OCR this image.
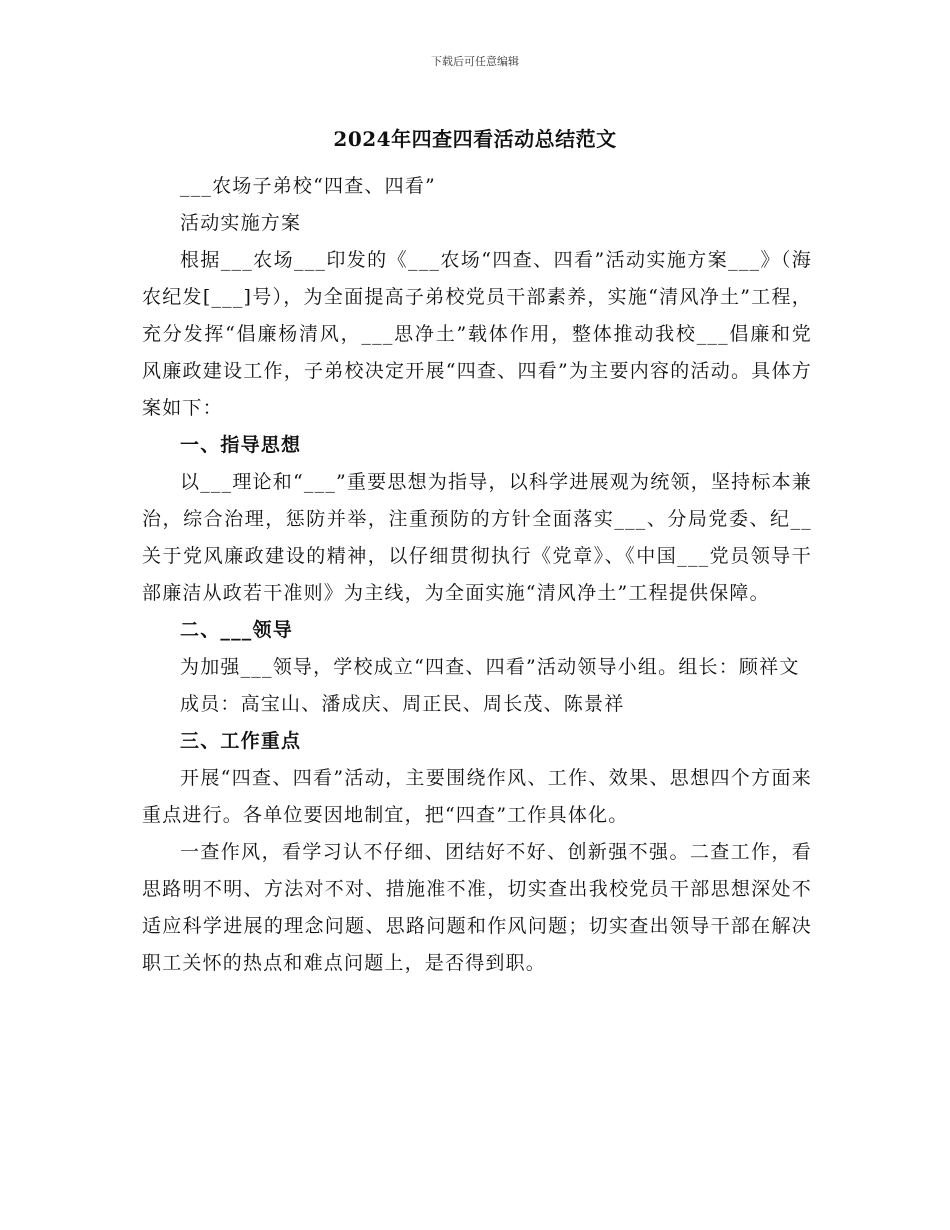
下载后可任意编辑
2024年四查四看活动总结范文

___农场子弟校“四查、四看”

活动实施方案

根据___农场___印发的《___农场“四查、四看”活动实施方案___》（海农纪发[___]号），为全面提高子弟校党员干部素养，实施“清风净土”工程，充分发挥“倡廉杨清风，___思净土”载体作用，整体推动我校___倡廉和党风廉政建设工作，子弟校决定开展“四查、四看”为主要内容的活动。具体方案如下：

一、指导思想

以___理论和“___”重要思想为指导，以科学进展观为统领，坚持标本兼治，综合治理，惩防并举，注重预防的方针全面落实___、分局党委、纪__关于党风廉政建设的精神，以仔细贯彻执行《党章》、《中国___党员领导干部廉洁从政若干准则》为主线，为全面实施“清风净土”工程提供保障。

二、___领导

为加强___领导，学校成立“四查、四看”活动领导小组。组长：顾祥文

成员：高宝山、潘成庆、周正民、周长茂、陈景祥

三、工作重点

开展“四查、四看”活动，主要围绕作风、工作、效果、思想四个方面来重点进行。各单位要因地制宜，把“四查”工作具体化。

一查作风，看学习认不仔细、团结好不好、创新强不强。二查工作，看思路明不明、方法对不对、措施准不准，切实查出我校党员干部思想深处不适应科学进展的理念问题、思路问题和作风问题；切实查出领导干部在解决职工关怀的热点和难点问题上，是否得到职。
